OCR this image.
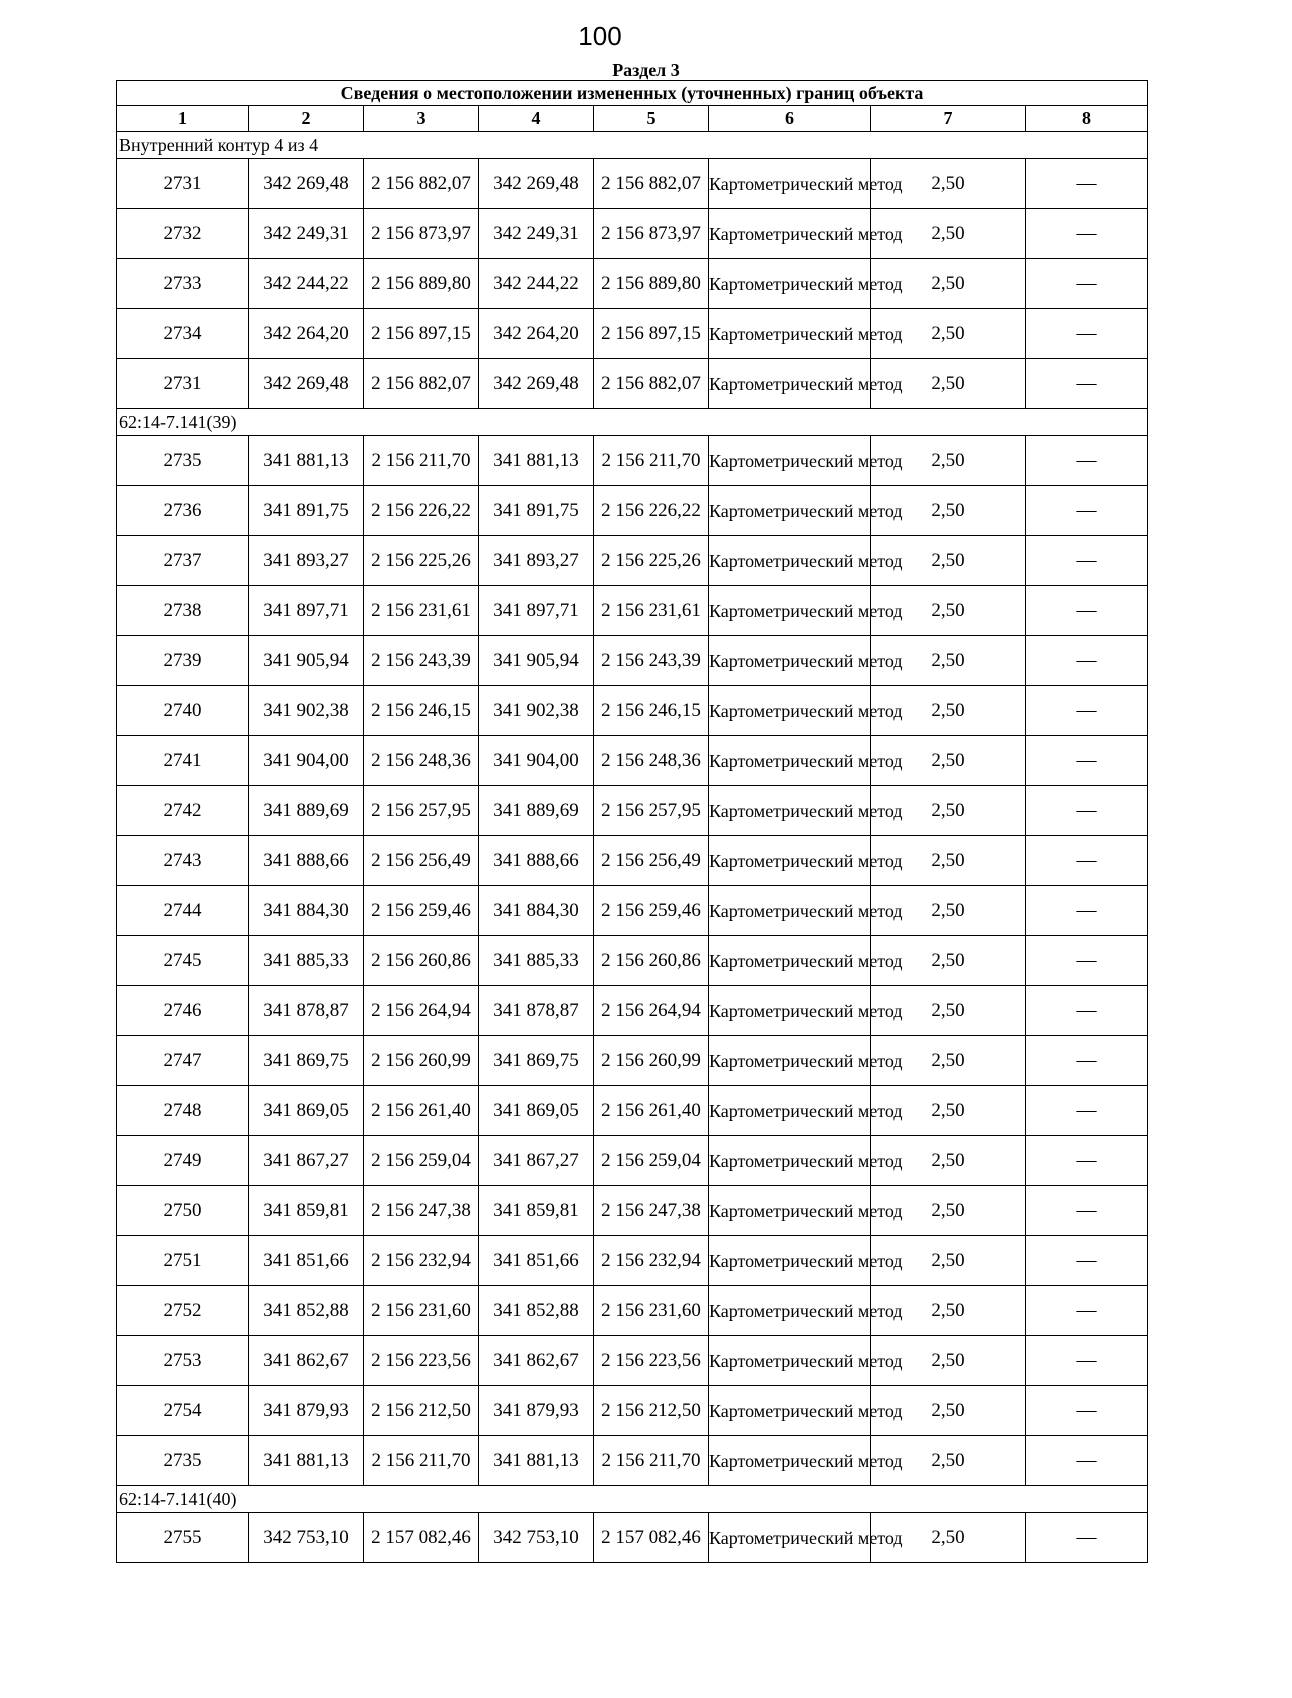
100
Раздел 3
Сведения о местоположении измененных (уточненных) границ объекта							
1	2	3	4	5	6	7	8
Внутренний контур 4 из 4							
2731	342 269,48	2 156 882,07	342 269,48	2 156 882,07	Картометрический метод	2,50	—
2732	342 249,31	2 156 873,97	342 249,31	2 156 873,97	Картометрический метод	2,50	—
2733	342 244,22	2 156 889,80	342 244,22	2 156 889,80	Картометрический метод	2,50	—
2734	342 264,20	2 156 897,15	342 264,20	2 156 897,15	Картометрический метод	2,50	—
2731	342 269,48	2 156 882,07	342 269,48	2 156 882,07	Картометрический метод	2,50	—
62:14-7.141(39)							
2735	341 881,13	2 156 211,70	341 881,13	2 156 211,70	Картометрический метод	2,50	—
2736	341 891,75	2 156 226,22	341 891,75	2 156 226,22	Картометрический метод	2,50	—
2737	341 893,27	2 156 225,26	341 893,27	2 156 225,26	Картометрический метод	2,50	—
2738	341 897,71	2 156 231,61	341 897,71	2 156 231,61	Картометрический метод	2,50	—
2739	341 905,94	2 156 243,39	341 905,94	2 156 243,39	Картометрический метод	2,50	—
2740	341 902,38	2 156 246,15	341 902,38	2 156 246,15	Картометрический метод	2,50	—
2741	341 904,00	2 156 248,36	341 904,00	2 156 248,36	Картометрический метод	2,50	—
2742	341 889,69	2 156 257,95	341 889,69	2 156 257,95	Картометрический метод	2,50	—
2743	341 888,66	2 156 256,49	341 888,66	2 156 256,49	Картометрический метод	2,50	—
2744	341 884,30	2 156 259,46	341 884,30	2 156 259,46	Картометрический метод	2,50	—
2745	341 885,33	2 156 260,86	341 885,33	2 156 260,86	Картометрический метод	2,50	—
2746	341 878,87	2 156 264,94	341 878,87	2 156 264,94	Картометрический метод	2,50	—
2747	341 869,75	2 156 260,99	341 869,75	2 156 260,99	Картометрический метод	2,50	—
2748	341 869,05	2 156 261,40	341 869,05	2 156 261,40	Картометрический метод	2,50	—
2749	341 867,27	2 156 259,04	341 867,27	2 156 259,04	Картометрический метод	2,50	—
2750	341 859,81	2 156 247,38	341 859,81	2 156 247,38	Картометрический метод	2,50	—
2751	341 851,66	2 156 232,94	341 851,66	2 156 232,94	Картометрический метод	2,50	—
2752	341 852,88	2 156 231,60	341 852,88	2 156 231,60	Картометрический метод	2,50	—
2753	341 862,67	2 156 223,56	341 862,67	2 156 223,56	Картометрический метод	2,50	—
2754	341 879,93	2 156 212,50	341 879,93	2 156 212,50	Картометрический метод	2,50	—
2735	341 881,13	2 156 211,70	341 881,13	2 156 211,70	Картометрический метод	2,50	—
62:14-7.141(40)							
2755	342 753,10	2 157 082,46	342 753,10	2 157 082,46	Картометрический метод	2,50	—
